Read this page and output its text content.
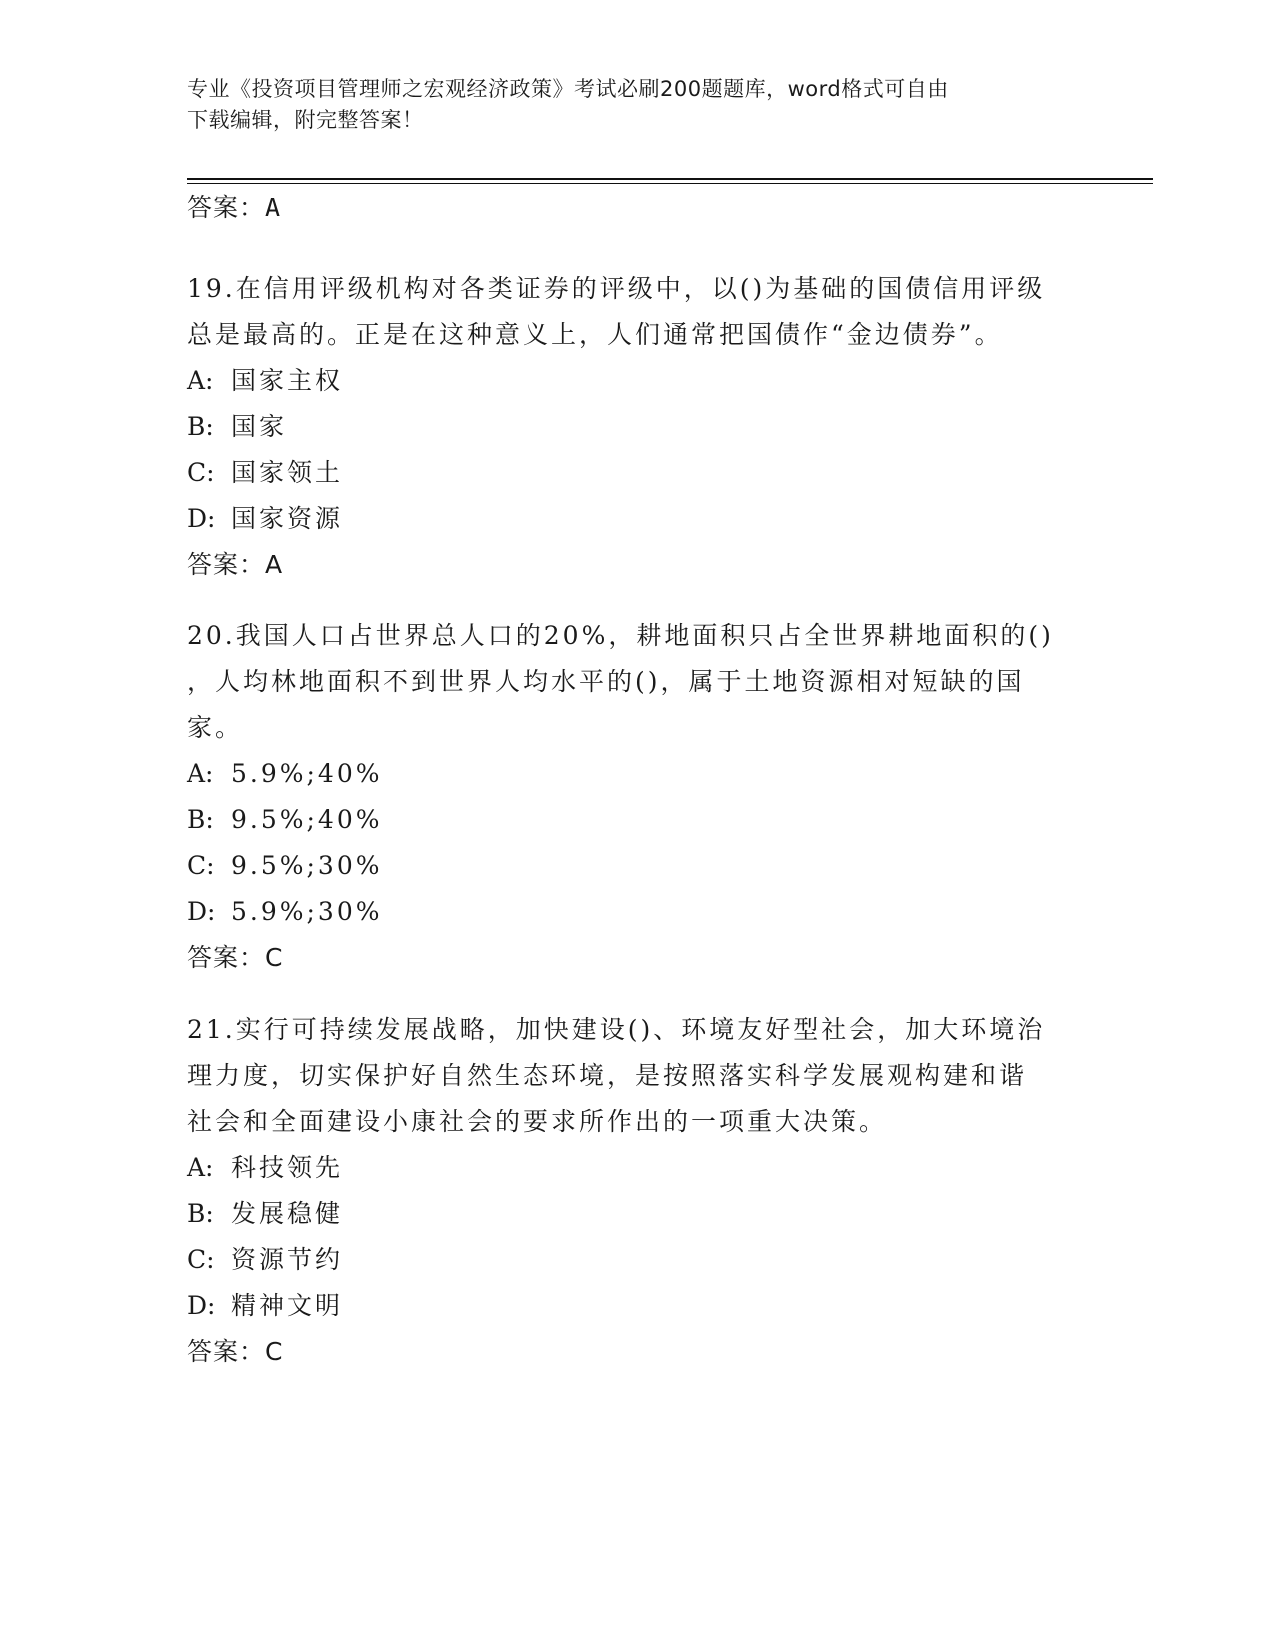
专业《投资项目管理师之宏观经济政策》考试必刷200题题库，word格式可自由
下载编辑，附完整答案！
答案：A
19.在信用评级机构对各类证券的评级中，以()为基础的国债信用评级
总是最高的。正是在这种意义上，人们通常把国债作“金边债券”。
A: 国家主权
B: 国家
C: 国家领土
D: 国家资源
答案：A
20.我国人口占世界总人口的20%，耕地面积只占全世界耕地面积的()
，人均林地面积不到世界人均水平的()，属于土地资源相对短缺的国
家。
A: 5.9%;40%
B: 9.5%;40%
C: 9.5%;30%
D: 5.9%;30%
答案：C
21.实行可持续发展战略，加快建设()、环境友好型社会，加大环境治
理力度，切实保护好自然生态环境，是按照落实科学发展观构建和谐
社会和全面建设小康社会的要求所作出的一项重大决策。
A: 科技领先
B: 发展稳健
C: 资源节约
D: 精神文明
答案：C
